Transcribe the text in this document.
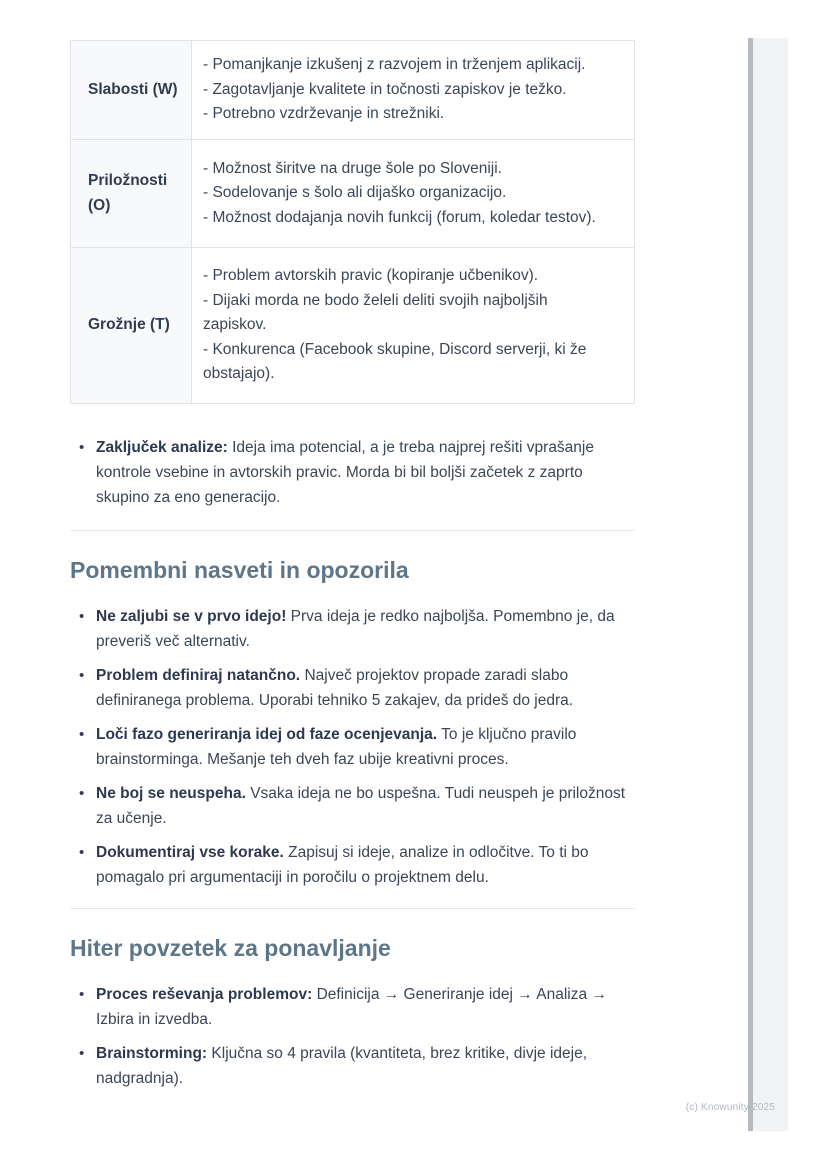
Slabosti (W)	- Pomanjkanje izkušenj z razvojem in trženjem aplikacij.
- Zagotavljanje kvalitete in točnosti zapiskov je težko.
- Potrebno vzdrževanje in strežniki.

Priložnosti (O)	- Možnost širitve na druge šole po Sloveniji.
- Sodelovanje s šolo ali dijaško organizacijo.
- Možnost dodajanja novih funkcij (forum, koledar testov).

Grožnje (T)	- Problem avtorskih pravic (kopiranje učbenikov).
- Dijaki morda ne bodo želeli deliti svojih najboljših zapiskov.
- Konkurenca (Facebook skupine, Discord serverji, ki že obstajajo).
• Zaključek analize: Ideja ima potencial, a je treba najprej rešiti vprašanje kontrole vsebine in avtorskih pravic. Morda bi bil boljši začetek z zaprto skupino za eno generacijo.
Pomembni nasveti in opozorila
• Ne zaljubi se v prvo idejo! Prva ideja je redko najboljša. Pomembno je, da preveriš več alternativ.
• Problem definiraj natančno. Največ projektov propade zaradi slabo definiranega problema. Uporabi tehniko 5 zakajev, da prideš do jedra.
• Loči fazo generiranja idej od faze ocenjevanja. To je ključno pravilo brainstorminga. Mešanje teh dveh faz ubije kreativni proces.
• Ne boj se neuspeha. Vsaka ideja ne bo uspešna. Tudi neuspeh je priložnost za učenje.
• Dokumentiraj vse korake. Zapisuj si ideje, analize in odločitve. To ti bo pomagalo pri argumentaciji in poročilu o projektnem delu.
Hiter povzetek za ponavljanje
• Proces reševanja problemov: Definicija → Generiranje idej → Analiza → Izbira in izvedba.
• Brainstorming: Ključna so 4 pravila (kvantiteta, brez kritike, divje ideje, nadgradnja).
(c) Knowunity 2025
